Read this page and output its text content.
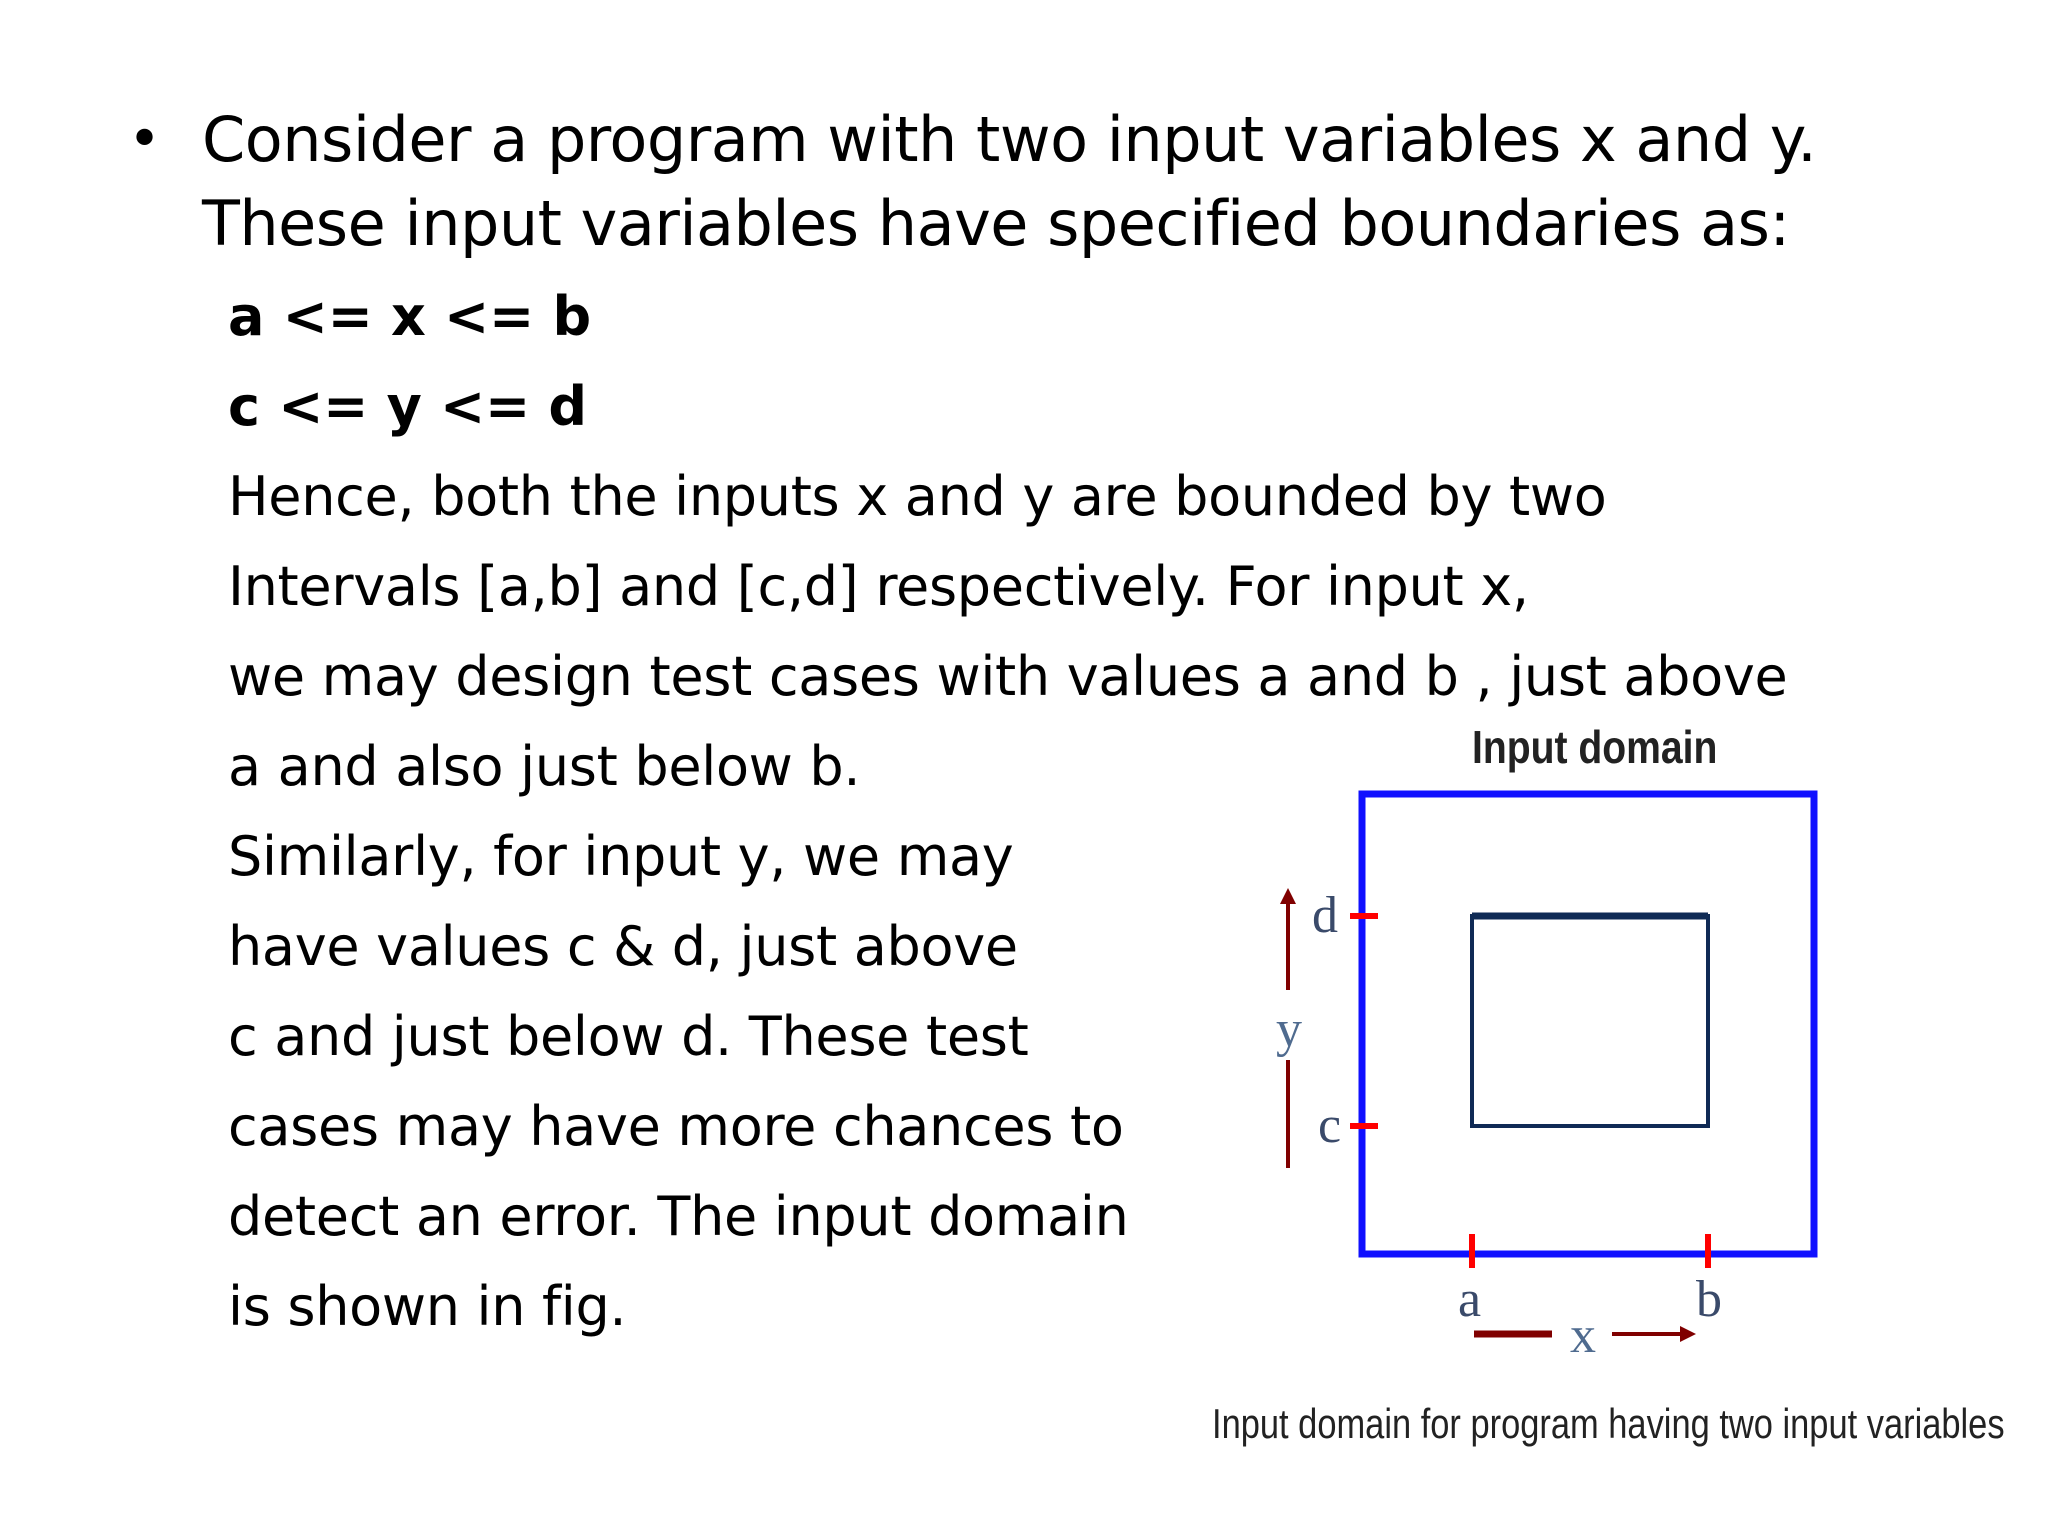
• Consider a program with two input variables x and y.
These input variables have specified boundaries as:
a <= x <= b
c <= y <= d
Hence, both the inputs x and y are bounded by two
Intervals [a,b] and [c,d] respectively. For input x,
we may design test cases with values a and b , just above
a and also just below b.
Similarly, for input y, we may
have values c & d, just above
c and just below d. These test
cases may have more chances to
detect an error. The input domain
is shown in fig.
Input domain
d
y
c
a	b
x
Input domain for program having two input variables
